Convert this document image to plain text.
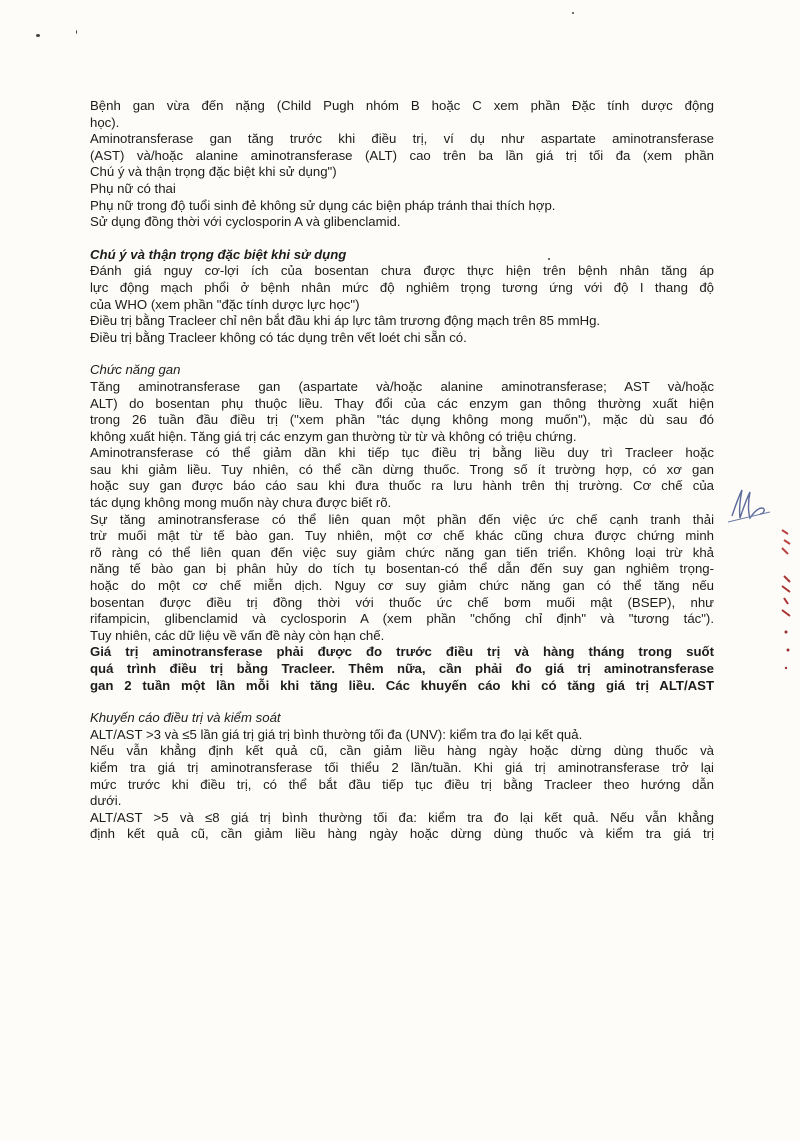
Bệnh gan vừa đến nặng (Child Pugh nhóm B hoặc C xem phần Đặc tính dược động

học).

Aminotransferase gan tăng trước khi điều trị, ví dụ như aspartate aminotransferase

(AST) và/hoặc alanine aminotransferase (ALT) cao trên ba lần giá trị tối đa (xem phần

Chú ý và thận trọng đặc biệt khi sử dụng")

Phụ nữ có thai

Phụ nữ trong độ tuổi sinh đẻ không sử dụng các biện pháp tránh thai thích hợp.

Sử dụng đồng thời với cyclosporin A và glibenclamid.

Chú ý và thận trọng đặc biệt khi sử dụng

Đánh giá nguy cơ-lợi ích của bosentan chưa được thực hiện trên bệnh nhân tăng áp

lực động mạch phổi ở bệnh nhân mức độ nghiêm trọng tương ứng với độ I thang độ

của WHO (xem phần "đặc tính dược lực học")

Điều trị bằng Tracleer chỉ nên bắt đầu khi áp lực tâm trương động mạch trên 85 mmHg.

Điều trị bằng Tracleer không có tác dụng trên vết loét chi sẵn có.

Chức năng gan

Tăng aminotransferase gan (aspartate và/hoặc alanine aminotransferase; AST và/hoặc

ALT) do bosentan phụ thuộc liều. Thay đổi của các enzym gan thông thường xuất hiện

trong 26 tuần đầu điều trị ("xem phần "tác dụng không mong muốn"), mặc dù sau đó

không xuất hiện. Tăng giá trị các enzym gan thường từ từ và không có triệu chứng.

Aminotransferase có thể giảm dần khi tiếp tục điều trị bằng liều duy trì Tracleer hoặc

sau khi giảm liều. Tuy nhiên, có thể cần dừng thuốc. Trong số ít trường hợp, có xơ gan

hoặc suy gan được báo cáo sau khi đưa thuốc ra lưu hành trên thị trường. Cơ chế của

tác dụng không mong muốn này chưa được biết rõ.

Sự tăng aminotransferase có thể liên quan một phần đến việc ức chế cạnh tranh thải

trừ muối mật từ tế bào gan. Tuy nhiên, một cơ chế khác cũng chưa được chứng minh

rõ ràng có thể liên quan đến việc suy giảm chức năng gan tiến triển. Không loại trừ khả

năng tế bào gan bị phân hủy do tích tụ bosentan-có thể dẫn đến suy gan nghiêm trọng-

hoặc do một cơ chế miễn dịch. Nguy cơ suy giảm chức năng gan có thể tăng nếu

bosentan được điều trị đồng thời với thuốc ức chế bơm muối mật (BSEP), như

rifampicin, glibenclamid và cyclosporin A (xem phần "chống chỉ định" và "tương tác").

Tuy nhiên, các dữ liệu về vấn đề này còn hạn chế.

Giá trị aminotransferase phải được đo trước điều trị và hàng tháng trong suốt

quá trình điều trị bằng Tracleer. Thêm nữa, cần phải đo giá trị aminotransferase

gan 2 tuần một lần mỗi khi tăng liều. Các khuyến cáo khi có tăng giá trị ALT/AST

Khuyến cáo điều trị và kiểm soát

ALT/AST >3 và ≤5 lần giá trị giá trị bình thường tối đa (UNV): kiểm tra đo lại kết quả.

Nếu vẫn khẳng định kết quả cũ, cần giảm liều hàng ngày hoặc dừng dùng thuốc và

kiểm tra giá trị aminotransferase tối thiểu 2 lần/tuần. Khi giá trị aminotransferase trở lại

mức trước khi điều trị, có thể bắt đầu tiếp tục điều trị bằng Tracleer theo hướng dẫn

dưới.

ALT/AST >5 và ≤8 giá trị bình thường tối đa: kiểm tra đo lại kết quả. Nếu vẫn khẳng

định kết quả cũ, cần giảm liều hàng ngày hoặc dừng dùng thuốc và kiểm tra giá trị
